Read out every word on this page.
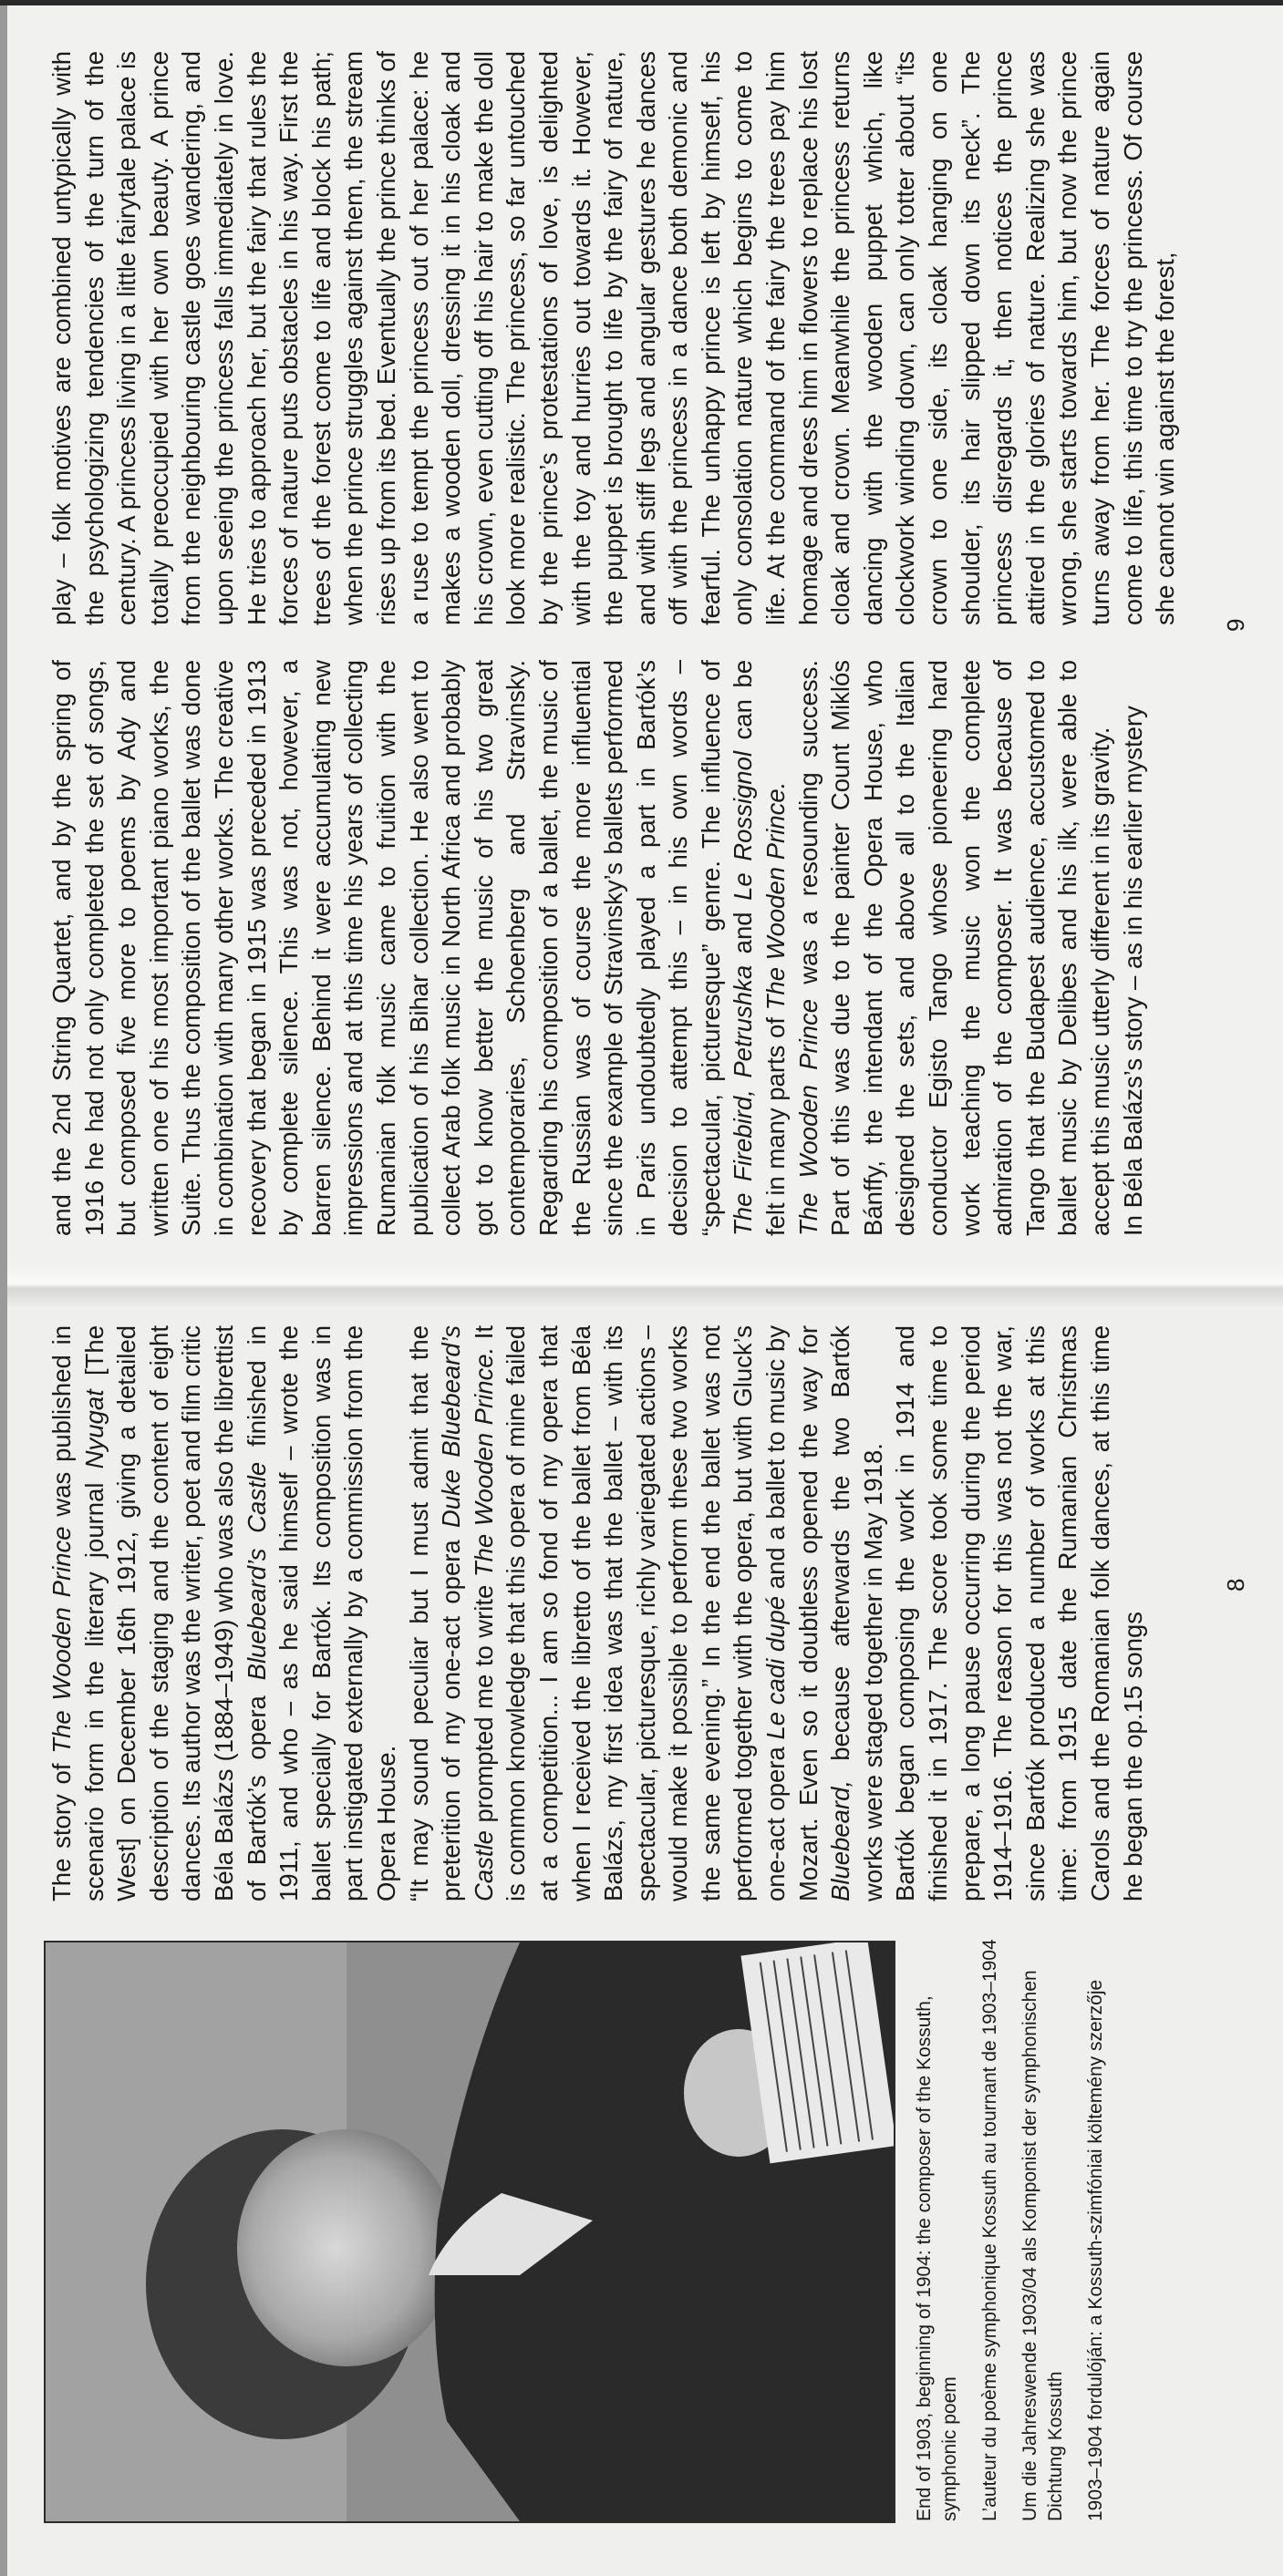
End of 1903, beginning of 1904: the composer of the Kossuth, symphonic poem L’auteur du poème symphonique Kossuth au tournant de 1903–1904 Um die Jahreswende 1903/04 als Komponist der symphonischen Dichtung Kossuth 1903–1904 fordulóján: a Kossuth-szimfóniai költemény szerzője

The story of The Wooden Prince was published in scenario form in the literary journal Nyugat [The West] on December 16th 1912, giving a detailed description of the staging and the content of eight dances. Its author was the writer, poet and film critic Béla Balázs (1884–1949) who was also the librettist of Bartók’s opera Bluebeard’s Castle finished in 1911, and who – as he said himself – wrote the ballet specially for Bartók. Its composition was in part instigated externally by a commission from the Opera House. “It may sound peculiar but I must admit that the preterition of my one-act opera Duke Bluebeard’s Castle prompted me to write The Wooden Prince. It is common knowledge that this opera of mine failed at a competition... I am so fond of my opera that when I received the libretto of the ballet from Béla Balázs, my first idea was that the ballet – with its spectacular, picturesque, richly variegated actions – would make it possible to perform these two works the same evening.” In the end the ballet was not performed together with the opera, but with Gluck’s one-act opera Le cadi dupé and a ballet to music by Mozart. Even so it doubtless opened the way for Bluebeard, because afterwards the two Bartók works were staged together in May 1918. Bartók began composing the work in 1914 and finished it in 1917. The score took some time to prepare, a long pause occurring during the period 1914–1916. The reason for this was not the war, since Bartók produced a number of works at this time: from 1915 date the Rumanian Christmas Carols and the Romanian folk dances, at this time he began the op.15 songs

and the 2nd String Quartet, and by the spring of 1916 he had not only completed the set of songs, but composed five more to poems by Ady and written one of his most important piano works, the Suite. Thus the composition of the ballet was done in combination with many other works. The creative recovery that began in 1915 was preceded in 1913 by complete silence. This was not, however, a barren silence. Behind it were accumulating new impressions and at this time his years of collecting Rumanian folk music came to fruition with the publication of his Bihar collection. He also went to collect Arab folk music in North Africa and probably got to know better the music of his two great contemporaries, Schoenberg and Stravinsky. Regarding his composition of a ballet, the music of the Russian was of course the more influential since the example of Stravinsky’s ballets performed in Paris undoubtedly played a part in Bartók’s decision to attempt this – in his own words – “spectacular, picturesque” genre. The influence of The Firebird, Petrushka and Le Rossignol can be felt in many parts of The Wooden Prince.

The Wooden Prince was a resounding success. Part of this was due to the painter Count Miklós Bánffy, the intendant of the Opera House, who designed the sets, and above all to the Italian conductor Egisto Tango whose pioneering hard work teaching the music won the complete admiration of the composer. It was because of Tango that the Budapest audience, accustomed to ballet music by Delibes and his ilk, were able to accept this music utterly different in its gravity. In Béla Balázs’s story – as in his earlier mystery

play – folk motives are combined untypically with the psychologizing tendencies of the turn of the century. A princess living in a little fairytale palace is totally preoccupied with her own beauty. A prince from the neighbouring castle goes wandering, and upon seeing the princess falls immediately in love. He tries to approach her, but the fairy that rules the forces of nature puts obstacles in his way. First the trees of the forest come to life and block his path; when the prince struggles against them, the stream rises up from its bed. Eventually the prince thinks of a ruse to tempt the princess out of her palace: he makes a wooden doll, dressing it in his cloak and his crown, even cutting off his hair to make the doll look more realistic. The princess, so far untouched by the prince’s protestations of love, is delighted with the toy and hurries out towards it. However, the puppet is brought to life by the fairy of nature, and with stiff legs and angular gestures he dances off with the princess in a dance both demonic and fearful. The unhappy prince is left by himself, his only consolation nature which begins to come to life. At the command of the fairy the trees pay him homage and dress him in flowers to replace his lost cloak and crown. Meanwhile the princess returns dancing with the wooden puppet which, like clockwork winding down, can only totter about “its crown to one side, its cloak hanging on one shoulder, its hair slipped down its neck”. The princess disregards it, then notices the prince attired in the glories of nature. Realizing she was wrong, she starts towards him, but now the prince turns away from her. The forces of nature again come to life, this time to try the princess. Of course she cannot win against the forest,

8
9
